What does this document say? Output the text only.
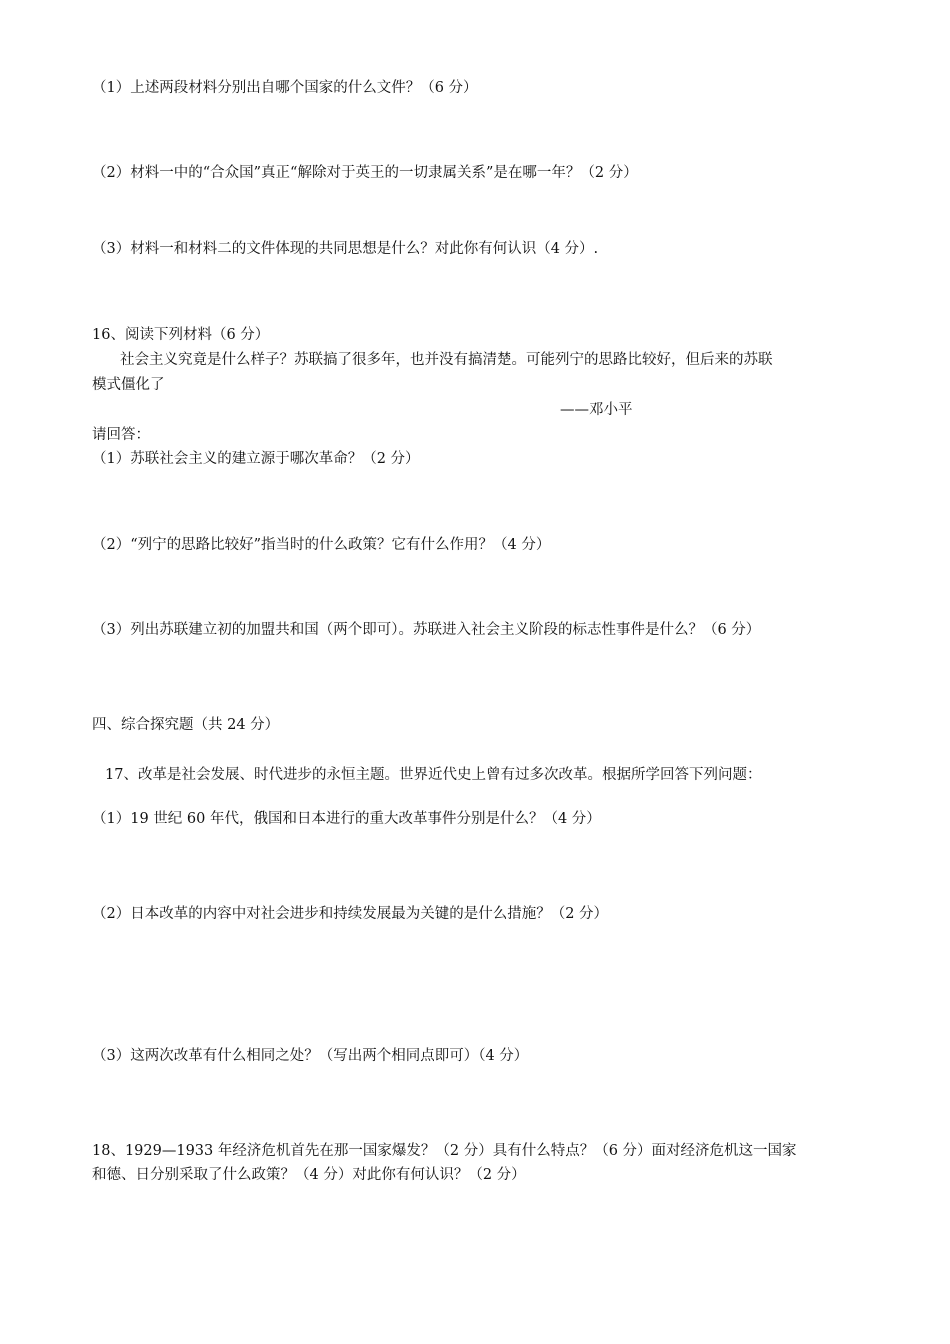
（1）上述两段材料分别出自哪个国家的什么文件？（6 分）
（2）材料一中的“合众国”真正“解除对于英王的一切隶属关系”是在哪一年？（2 分）
（3）材料一和材料二的文件体现的共同思想是什么？对此你有何认识（4 分）.
16、阅读下列材料（6 分）
社会主义究竟是什么样子？苏联搞了很多年，也并没有搞清楚。可能列宁的思路比较好，但后来的苏联
模式僵化了
——邓小平
请回答：
（1）苏联社会主义的建立源于哪次革命？（2 分）
（2）“列宁的思路比较好”指当时的什么政策？它有什么作用？（4 分）
（3）列出苏联建立初的加盟共和国（两个即可）。苏联进入社会主义阶段的标志性事件是什么？（6 分）
四、综合探究题（共 24 分）
17、改革是社会发展、时代进步的永恒主题。世界近代史上曾有过多次改革。根据所学回答下列问题：
（1）19 世纪 60 年代，俄国和日本进行的重大改革事件分别是什么？（4 分）
（2）日本改革的内容中对社会进步和持续发展最为关键的是什么措施？（2 分）
（3）这两次改革有什么相同之处？（写出两个相同点即可）（4 分）
18、1929—1933 年经济危机首先在那一国家爆发？（2 分）具有什么特点？（6 分）面对经济危机这一国家
和德、日分别采取了什么政策？（4 分）对此你有何认识？（2 分）
